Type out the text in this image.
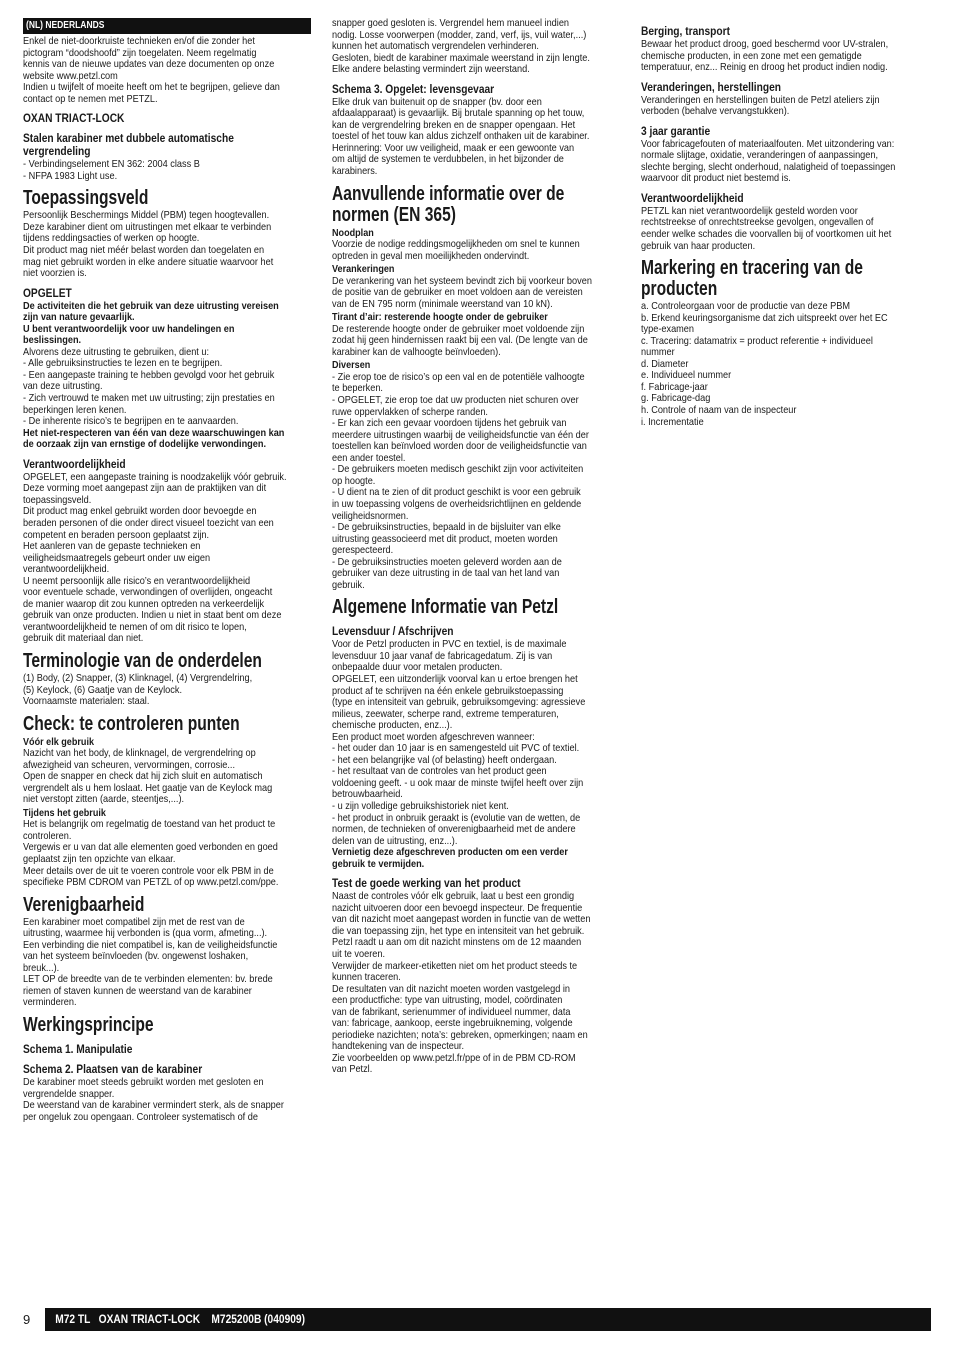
(NL) NEDERLANDS
Enkel de niet-doorkruiste technieken en/of die zonder het
pictogram “doodshoofd” zijn toegelaten. Neem regelmatig
kennis van de nieuwe updates van deze documenten op onze
website www.petzl.com
Indien u twijfelt of moeite heeft om het te begrijpen, gelieve dan
contact op te nemen met PETZL.
OXAN TRIACT-LOCK
Stalen karabiner met dubbele automatische
vergrendeling
- Verbindingselement EN 362: 2004 class B
- NFPA 1983 Light use.
Toepassingsveld
Persoonlijk Beschermings Middel (PBM) tegen hoogtevallen.
Deze karabiner dient om uitrustingen met elkaar te verbinden
tijdens reddingsacties of werken op hoogte.
Dit product mag niet méér belast worden dan toegelaten en
mag niet gebruikt worden in elke andere situatie waarvoor het
niet voorzien is.
OPGELET
De activiteiten die het gebruik van deze uitrusting vereisen
zijn van nature gevaarlijk.
U bent verantwoordelijk voor uw handelingen en
beslissingen.
Alvorens deze uitrusting te gebruiken, dient u:
- Alle gebruiksinstructies te lezen en te begrijpen.
- Een aangepaste training te hebben gevolgd voor het gebruik
van deze uitrusting.
- Zich vertrouwd te maken met uw uitrusting; zijn prestaties en
beperkingen leren kenen.
- De inherente risico’s te begrijpen en te aanvaarden.
Het niet-respecteren van één van deze waarschuwingen kan
de oorzaak zijn van ernstige of dodelijke verwondingen.
Verantwoordelijkheid
OPGELET, een aangepaste training is noodzakelijk vóór gebruik.
Deze vorming moet aangepast zijn aan de praktijken van dit
toepassingsveld.
Dit product mag enkel gebruikt worden door bevoegde en
beraden personen of die onder direct visueel toezicht van een
competent en beraden persoon geplaatst zijn.
Het aanleren van de gepaste technieken en
veiligheidsmaatregels gebeurt onder uw eigen
verantwoordelijkheid.
U neemt persoonlijk alle risico’s en verantwoordelijkheid
voor eventuele schade, verwondingen of overlijden, ongeacht
de manier waarop dit zou kunnen optreden na verkeerdelijk
gebruik van onze producten. Indien u niet in staat bent om deze
verantwoordelijkheid te nemen of om dit risico te lopen,
gebruik dit materiaal dan niet.
Terminologie van de onderdelen
(1) Body, (2) Snapper, (3) Klinknagel, (4) Vergrendelring,
(5) Keylock, (6) Gaatje van de Keylock.
Voornaamste materialen: staal.
Check: te controleren punten
Vóór elk gebruik
Nazicht van het body, de klinknagel, de vergrendelring op
afwezigheid van scheuren, vervormingen, corrosie...
Open de snapper en check dat hij zich sluit en automatisch
vergrendelt als u hem loslaat. Het gaatje van de Keylock mag
niet verstopt zitten (aarde, steentjes,...).
Tijdens het gebruik
Het is belangrijk om regelmatig de toestand van het product te
controleren.
Vergewis er u van dat alle elementen goed verbonden en goed
geplaatst zijn ten opzichte van elkaar.
Meer details over de uit te voeren controle voor elk PBM in de
specifieke PBM CDROM van PETZL of op www.petzl.com/ppe.
Verenigbaarheid
Een karabiner moet compatibel zijn met de rest van de
uitrusting, waarmee hij verbonden is (qua vorm, afmeting...).
Een verbinding die niet compatibel is, kan de veiligheidsfunctie
van het systeem beïnvloeden (bv. ongewenst loshaken,
breuk...).
LET OP de breedte van de te verbinden elementen: bv. brede
riemen of staven kunnen de weerstand van de karabiner
verminderen.
Werkingsprincipe
Schema 1. Manipulatie
Schema 2. Plaatsen van de karabiner
De karabiner moet steeds gebruikt worden met gesloten en
vergrendelde snapper.
De weerstand van de karabiner vermindert sterk, als de snapper
per ongeluk zou opengaan. Controleer systematisch of de
snapper goed gesloten is. Vergrendel hem manueel indien
nodig. Losse voorwerpen (modder, zand, verf, ijs, vuil water,...)
kunnen het automatisch vergrendelen verhinderen.
Gesloten, biedt de karabiner maximale weerstand in zijn lengte.
Elke andere belasting vermindert zijn weerstand.
Schema 3. Opgelet: levensgevaar
Elke druk van buitenuit op de snapper (bv. door een
afdaalapparaat) is gevaarlijk. Bij brutale spanning op het touw,
kan de vergrendelring breken en de snapper opengaan. Het
toestel of het touw kan aldus zichzelf onthaken uit de karabiner.
Herinnering: Voor uw veiligheid, maak er een gewoonte van
om altijd de systemen te verdubbelen, in het bijzonder de
karabiners.
Aanvullende informatie over de
normen (EN 365)
Noodplan
Voorzie de nodige reddingsmogelijkheden om snel te kunnen
optreden in geval men moeilijkheden ondervindt.
Verankeringen
De verankering van het systeem bevindt zich bij voorkeur boven
de positie van de gebruiker en moet voldoen aan de vereisten
van de EN 795 norm (minimale weerstand van 10 kN).
Tirant d’air: resterende hoogte onder de gebruiker
De resterende hoogte onder de gebruiker moet voldoende zijn
zodat hij geen hindernissen raakt bij een val. (De lengte van de
karabiner kan de valhoogte beïnvloeden).
Diversen
- Zie erop toe de risico’s op een val en de potentiële valhoogte
te beperken.
- OPGELET, zie erop toe dat uw producten niet schuren over
ruwe oppervlakken of scherpe randen.
- Er kan zich een gevaar voordoen tijdens het gebruik van
meerdere uitrustingen waarbij de veiligheidsfunctie van één der
toestellen kan beïnvloed worden door de veiligheidsfunctie van
een ander toestel.
- De gebruikers moeten medisch geschikt zijn voor activiteiten
op hoogte.
- U dient na te zien of dit product geschikt is voor een gebruik
in uw toepassing volgens de overheidsrichtlijnen en geldende
veiligheidsnormen.
- De gebruiksinstructies, bepaald in de bijsluiter van elke
uitrusting geassocieerd met dit product, moeten worden
gerespecteerd.
- De gebruiksinstructies moeten geleverd worden aan de
gebruiker van deze uitrusting in de taal van het land van
gebruik.
Algemene Informatie van Petzl
Levensduur / Afschrijven
Voor de Petzl producten in PVC en textiel, is de maximale
levensduur 10 jaar vanaf de fabricagedatum. Zij is van
onbepaalde duur voor metalen producten.
OPGELET, een uitzonderlijk voorval kan u ertoe brengen het
product af te schrijven na één enkele gebruikstoepassing
(type en intensiteit van gebruik, gebruiksomgeving: agressieve
milieus, zeewater, scherpe rand, extreme temperaturen,
chemische producten, enz...).
Een product moet worden afgeschreven wanneer:
- het ouder dan 10 jaar is en samengesteld uit PVC of textiel.
- het een belangrijke val (of belasting) heeft ondergaan.
- het resultaat van de controles van het product geen
voldoening geeft. - u ook maar de minste twijfel heeft over zijn
betrouwbaarheid.
- u zijn volledige gebruikshistoriek niet kent.
- het product in onbruik geraakt is (evolutie van de wetten, de
normen, de technieken of onverenigbaarheid met de andere
delen van de uitrusting, enz...).
Vernietig deze afgeschreven producten om een verder
gebruik te vermijden.
Test de goede werking van het product
Naast de controles vóór elk gebruik, laat u best een grondig
nazicht uitvoeren door een bevoegd inspecteur. De frequentie
van dit nazicht moet aangepast worden in functie van de wetten
die van toepassing zijn, het type en intensiteit van het gebruik.
Petzl raadt u aan om dit nazicht minstens om de 12 maanden
uit te voeren.
Verwijder de markeer-etiketten niet om het product steeds te
kunnen traceren.
De resultaten van dit nazicht moeten worden vastgelegd in
een productfiche: type van uitrusting, model, coördinaten
van de fabrikant, serienummer of individueel nummer, data
van: fabricage, aankoop, eerste ingebruikneming, volgende
periodieke nazichten; nota’s: gebreken, opmerkingen; naam en
handtekening van de inspecteur.
Zie voorbeelden op www.petzl.fr/ppe of in de PBM CD-ROM
van Petzl.
Berging, transport
Bewaar het product droog, goed beschermd voor UV-stralen,
chemische producten, in een zone met een gematigde
temperatuur, enz... Reinig en droog het product indien nodig.
Veranderingen, herstellingen
Veranderingen en herstellingen buiten de Petzl ateliers zijn
verboden (behalve vervangstukken).
3 jaar garantie
Voor fabricagefouten of materiaalfouten. Met uitzondering van:
normale slijtage, oxidatie, veranderingen of aanpassingen,
slechte berging, slecht onderhoud, nalatigheid of toepassingen
waarvoor dit product niet bestemd is.
Verantwoordelijkheid
PETZL kan niet verantwoordelijk gesteld worden voor
rechtstreekse of onrechtstreekse gevolgen, ongevallen of
eender welke schades die voorvallen bij of voortkomen uit het
gebruik van haar producten.
Markering en tracering van de
producten
a. Controleorgaan voor de productie van deze PBM
b. Erkend keuringsorganisme dat zich uitspreekt over het EC
type-examen
c. Tracering: datamatrix = product referentie + individueel
nummer
d. Diameter
e. Individueel nummer
f. Fabricage-jaar
g. Fabricage-dag
h. Controle of naam van de inspecteur
i. Incrementatie
9	M72 TL   OXAN TRIACT-LOCK    M725200B (040909)
